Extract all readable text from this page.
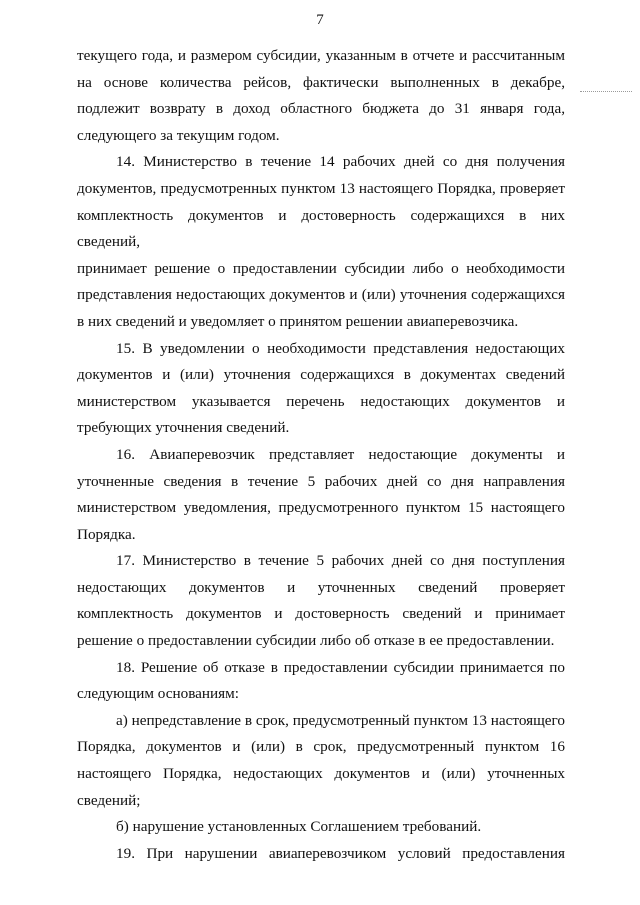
7

текущего года, и размером субсидии, указанным в отчете и рассчитанным

на основе количества рейсов, фактически выполненных в декабре,

подлежит возврату в доход областного бюджета до 31 января года,

следующего за текущим годом.

14. Министерство в течение 14 рабочих дней со дня получения

документов, предусмотренных пунктом 13 настоящего Порядка, проверяет

комплектность документов и достоверность содержащихся в них сведений,

принимает решение о предоставлении субсидии либо о необходимости

представления недостающих документов и (или) уточнения содержащихся

в них сведений и уведомляет о принятом решении авиаперевозчика.

15. В уведомлении о необходимости представления недостающих

документов и (или) уточнения содержащихся в документах сведений

министерством указывается перечень недостающих документов и

требующих уточнения сведений.

16. Авиаперевозчик представляет недостающие документы и

уточненные сведения в течение 5 рабочих дней со дня направления

министерством уведомления, предусмотренного пунктом 15 настоящего

Порядка.

17. Министерство в течение 5 рабочих дней со дня поступления

недостающих документов и уточненных сведений проверяет

комплектность документов и достоверность сведений и принимает

решение о предоставлении субсидии либо об отказе в ее предоставлении.

18. Решение об отказе в предоставлении субсидии принимается по

следующим основаниям:

а) непредставление в срок, предусмотренный пунктом 13 настоящего

Порядка, документов и (или) в срок, предусмотренный пунктом 16

настоящего Порядка, недостающих документов и (или) уточненных

сведений;

б) нарушение установленных Соглашением требований.

19. При нарушении авиаперевозчиком условий предоставления
